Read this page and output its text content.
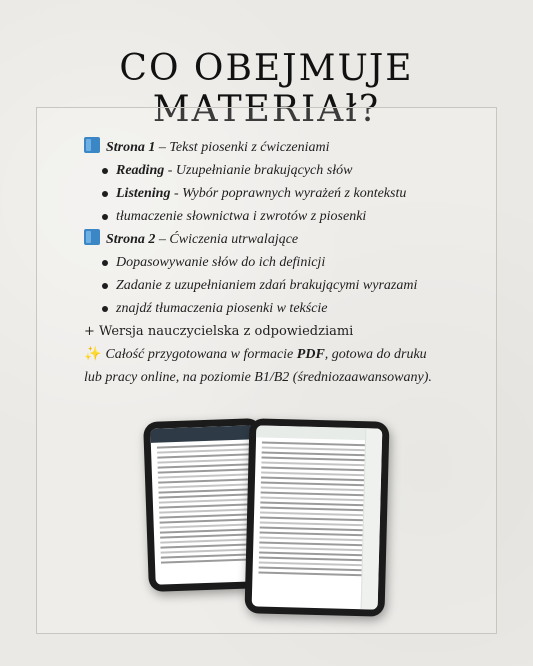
CO OBEJMUJE MATERIAł?
Strona 1 – Tekst piosenki z ćwiczeniami
Reading - Uzupełnianie brakujących słów
Listening - Wybór poprawnych wyrażeń z kontekstu
tłumaczenie słownictwa i zwrotów z piosenki
Strona 2 – Ćwiczenia utrwalające
Dopasowywanie słów do ich definicji
Zadanie z uzupełnianiem zdań brakującymi wyrazami
znajdź tłumaczenia piosenki w tekście
+ Wersja nauczycielska z odpowiedziami
✨ Całość przygotowana w formacie PDF, gotowa do druku
lub pracy online, na poziomie B1/B2 (średniozaawansowany).
